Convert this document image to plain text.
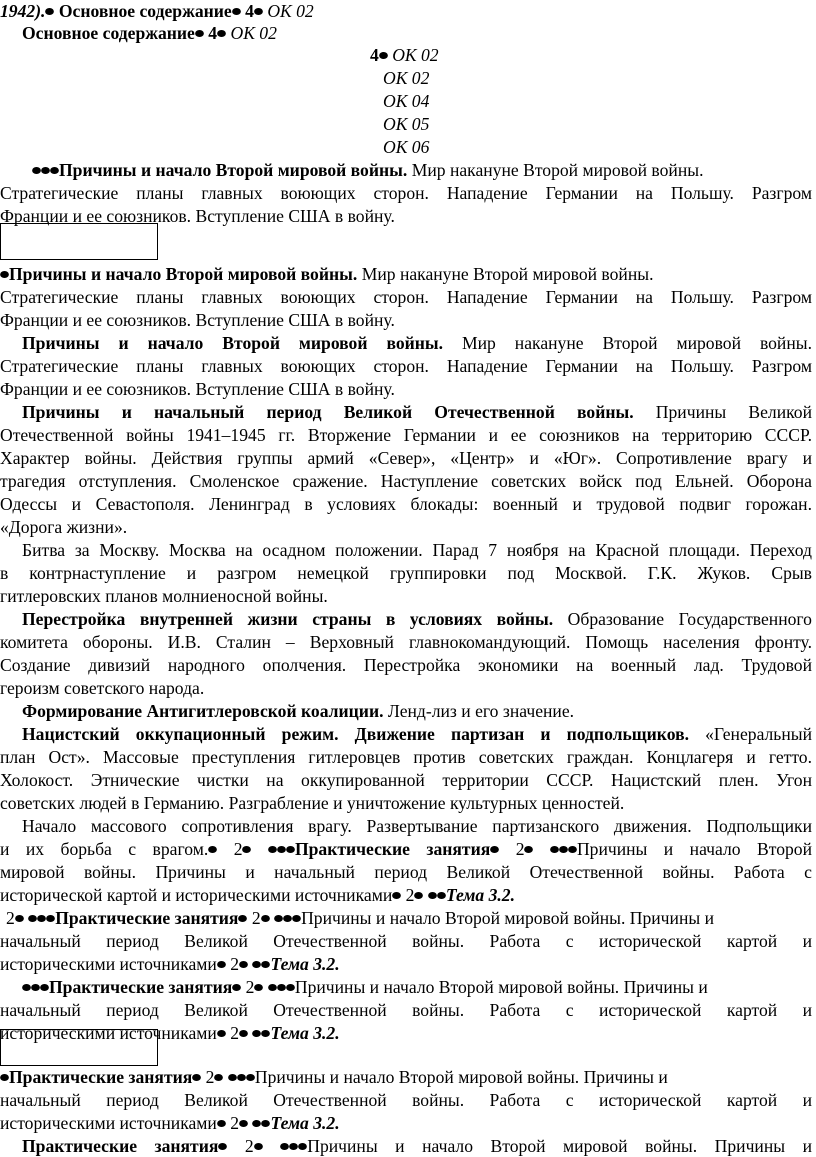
1942). Основное содержание 4 ОК 02
Основное содержание 4 ОК 02
4 ОК 02
ОК 02
ОК 04
ОК 05
ОК 06
Причины и начало Второй мировой войны. Мир накануне Второй мировой войны.
Стратегические планы главных воюющих сторон. Нападение Германии на Польшу. Разгром
Франции и ее союзников. Вступление США в войну.
Причины и начало Второй мировой войны. Мир накануне Второй мировой войны.
Стратегические планы главных воюющих сторон. Нападение Германии на Польшу. Разгром
Франции и ее союзников. Вступление США в войну.
Причины и начало Второй мировой войны. Мир накануне Второй мировой войны.
Стратегические планы главных воюющих сторон. Нападение Германии на Польшу. Разгром
Франции и ее союзников. Вступление США в войну.
Причины и начальный период Великой Отечественной войны. Причины Великой
Отечественной войны 1941–1945 гг. Вторжение Германии и ее союзников на территорию СССР.
Характер войны. Действия группы армий «Север», «Центр» и «Юг». Сопротивление врагу и
трагедия отступления. Смоленское сражение. Наступление советских войск под Ельней. Оборона
Одессы и Севастополя. Ленинград в условиях блокады: военный и трудовой подвиг горожан.
«Дорога жизни».
Битва за Москву. Москва на осадном положении. Парад 7 ноября на Красной площади. Переход
в контрнаступление и разгром немецкой группировки под Москвой. Г.К. Жуков. Срыв
гитлеровских планов молниеносной войны.
Перестройка внутренней жизни страны в условиях войны. Образование Государственного
комитета обороны. И.В. Сталин – Верховный главнокомандующий. Помощь населения фронту.
Создание дивизий народного ополчения. Перестройка экономики на военный лад. Трудовой
героизм советского народа.
Формирование Антигитлеровской коалиции. Ленд-лиз и его значение.
Нацистский оккупационный режим. Движение партизан и подпольщиков. «Генеральный
план Ост». Массовые преступления гитлеровцев против советских граждан. Концлагеря и гетто.
Холокост. Этнические чистки на оккупированной территории СССР. Нацистский плен. Угон
советских людей в Германию. Разграбление и уничтожение культурных ценностей.
Начало массового сопротивления врагу. Развертывание партизанского движения. Подпольщики
и их борьба с врагом. 2	Практические занятия 2	Причины и начало Второй
мировой войны. Причины и начальный период Великой Отечественной войны. Работа с
исторической картой и историческими источниками 2 Тема 3.2.
2 Практические занятия 2 Причины и начало Второй мировой войны. Причины и
начальный период Великой Отечественной войны. Работа с исторической картой и
историческими источниками 2 Тема 3.2.
Практические занятия 2 Причины и начало Второй мировой войны. Причины и
начальный период Великой Отечественной войны. Работа с исторической картой и
историческими источниками 2 Тема 3.2.
Практические занятия 2 Причины и начало Второй мировой войны. Причины и
начальный период Великой Отечественной войны. Работа с исторической картой и
историческими источниками 2 Тема 3.2.
Практические занятия 2	Причины и начало Второй мировой войны. Причины и
